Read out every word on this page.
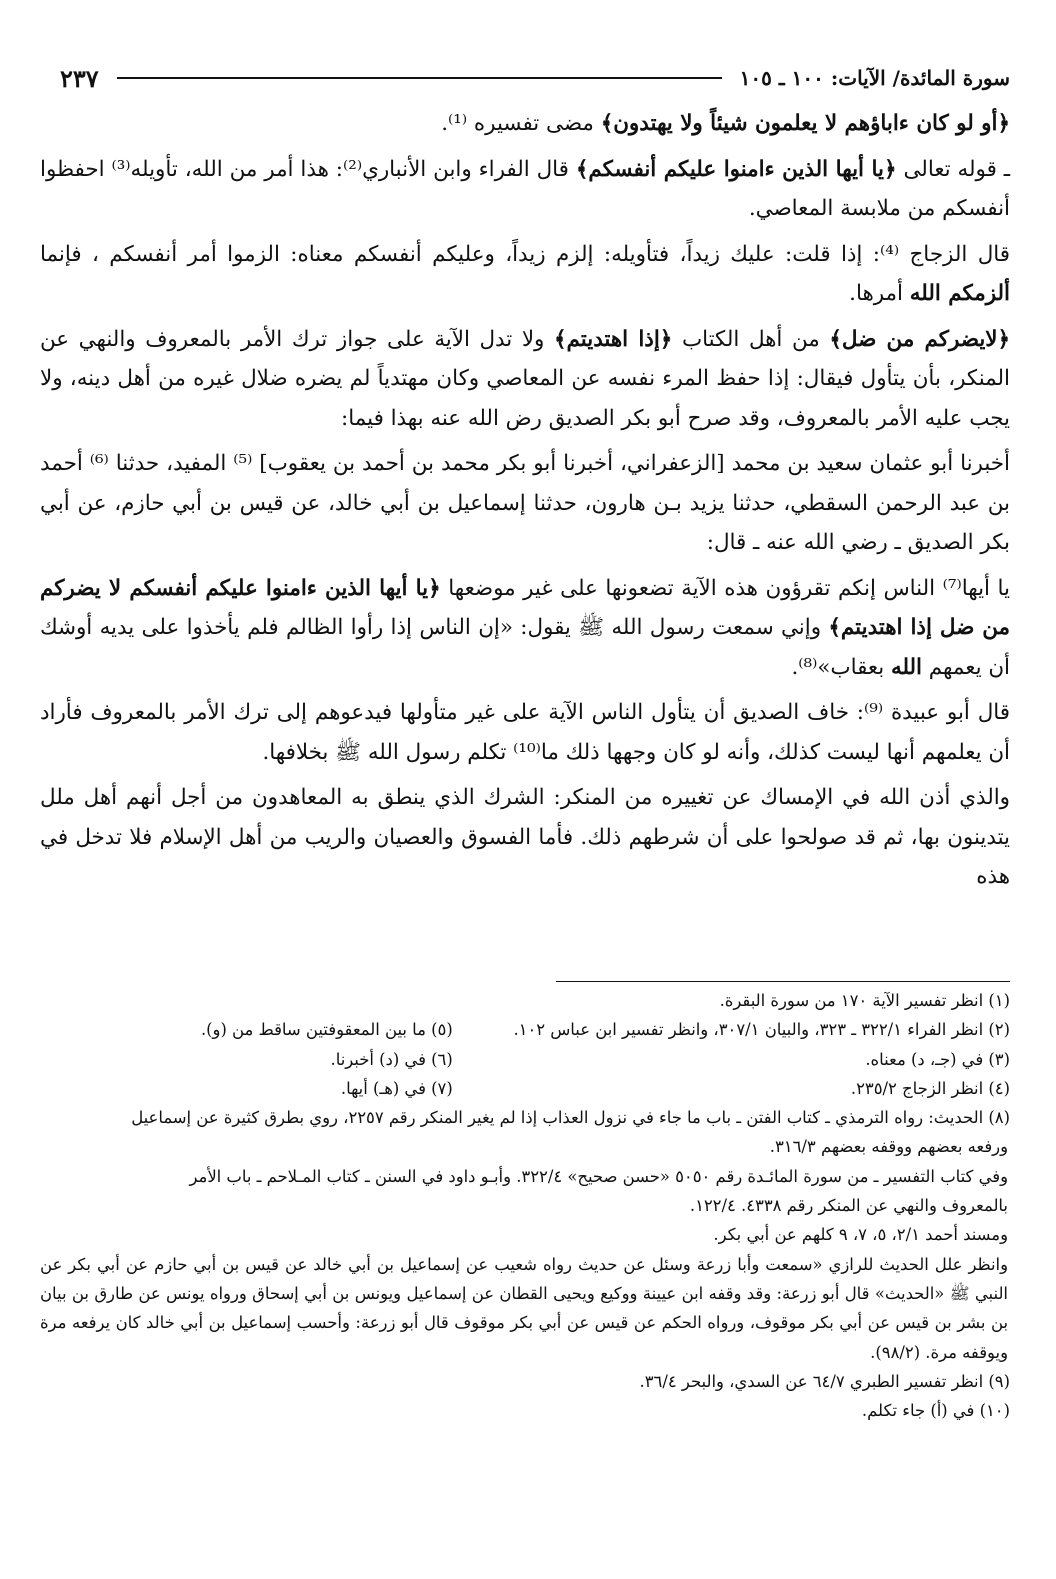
سورة المائدة/ الآيات: ١٠٠ ـ ١٠٥
٢٣٧

﴿أو لو كان ءاباؤهم لا يعلمون شيئاً ولا يهتدون﴾ مضى تفسيره ⁽¹⁾.

ـ قوله تعالى ﴿يا أيها الذين ءامنوا عليكم أنفسكم﴾ قال الفراء وابن الأنباري⁽²⁾: هذا أمر من الله، تأويله⁽³⁾ احفظوا أنفسكم من ملابسة المعاصي.

قال الزجاج ⁽⁴⁾: إذا قلت: عليك زيداً، فتأويله: إلزم زيداً، وعليكم أنفسكم معناه: الزموا أمر أنفسكم ، فإنما ألزمكم الله أمرها.

﴿لايضركم من ضل﴾ من أهل الكتاب ﴿إذا اهتديتم﴾ ولا تدل الآية على جواز ترك الأمر بالمعروف والنهي عن المنكر، بأن يتأول فيقال: إذا حفظ المرء نفسه عن المعاصي وكان مهتدياً لم يضره ضلال غيره من أهل دينه، ولا يجب عليه الأمر بالمعروف، وقد صرح أبو بكر الصديق رض الله عنه بهذا فيما:

أخبرنا أبو عثمان سعيد بن محمد [الزعفراني، أخبرنا أبو بكر محمد بن أحمد بن يعقوب] ⁽⁵⁾ المفيد، حدثنا ⁽⁶⁾ أحمد بن عبد الرحمن السقطي، حدثنا يزيد بـن هارون، حدثنا إسماعيل بن أبي خالد، عن قيس بن أبي حازم، عن أبي بكر الصديق ـ رضي الله عنه ـ قال:

يا أيها⁽⁷⁾ الناس إنكم تقرؤون هذه الآية تضعونها على غير موضعها ﴿يا أيها الذين ءامنوا عليكم أنفسكم لا يضركم من ضل إذا اهتديتم﴾ وإني سمعت رسول الله ﷺ يقول: «إن الناس إذا رأوا الظالم فلم يأخذوا على يديه أوشك أن يعمهم الله بعقاب»⁽⁸⁾.

قال أبو عبيدة ⁽⁹⁾: خاف الصديق أن يتأول الناس الآية على غير متأولها فيدعوهم إلى ترك الأمر بالمعروف فأراد أن يعلمهم أنها ليست كذلك، وأنه لو كان وجهها ذلك ما⁽¹⁰⁾ تكلم رسول الله ﷺ بخلافها.

والذي أذن الله في الإمساك عن تغييره من المنكر: الشرك الذي ينطق به المعاهدون من أجل أنهم أهل ملل يتدينون بها، ثم قد صولحوا على أن شرطهم ذلك. فأما الفسوق والعصيان والريب من أهل الإسلام فلا تدخل في هذه

(١) انظر تفسير الآية ١٧٠ من سورة البقرة.
(٢) انظر الفراء ٣٢٢/١ ـ ٣٢٣، والبيان ٣٠٧/١، وانظر تفسير ابن عباس ١٠٢.
(٥) ما بين المعقوفتين ساقط من (و).
(٣) في (جـ، د) معناه.
(٦) في (د) أخبرنا.
(٤) انظر الزجاج ٢٣٥/٢.
(٧) في (هـ) أيها.
(٨) الحديث: رواه الترمذي ـ كتاب الفتن ـ باب ما جاء في نزول العذاب إذا لم يغير المنكر رقم ٢٢٥٧، روي بطرق كثيرة عن إسماعيل
ورفعه بعضهم ووقفه بعضهم ٣١٦/٣.
وفي كتاب التفسير ـ من سورة المائـدة رقم ٥٠٥٠ «حسن صحيح» ٣٢٢/٤. وأبـو داود في السنن ـ كتاب المـلاحم ـ باب الأمر
بالمعروف والنهي عن المنكر رقم ٤٣٣٨. ١٢٢/٤.
ومسند أحمد ٢/١، ٥، ٧، ٩ كلهم عن أبي بكر.
وانظر علل الحديث للرازي «سمعت وأبا زرعة وسئل عن حديث رواه شعيب عن إسماعيل بن أبي خالد عن قيس بن أبي حازم عن أبي بكر عن النبي ﷺ «الحديث» قال أبو زرعة: وقد وقفه ابن عيينة ووكيع ويحيى القطان عن إسماعيل ويونس بن أبي إسحاق ورواه يونس عن طارق بن بيان بن بشر بن قيس عن أبي بكر موقوف، ورواه الحكم عن قيس عن أبي بكر موقوف قال أبو زرعة: وأحسب إسماعيل بن أبي خالد كان يرفعه مرة ويوقفه مرة. (٩٨/٢).
(٩) انظر تفسير الطبري ٦٤/٧ عن السدي، والبحر ٣٦/٤.
(١٠) في (أ) جاء تكلم.
